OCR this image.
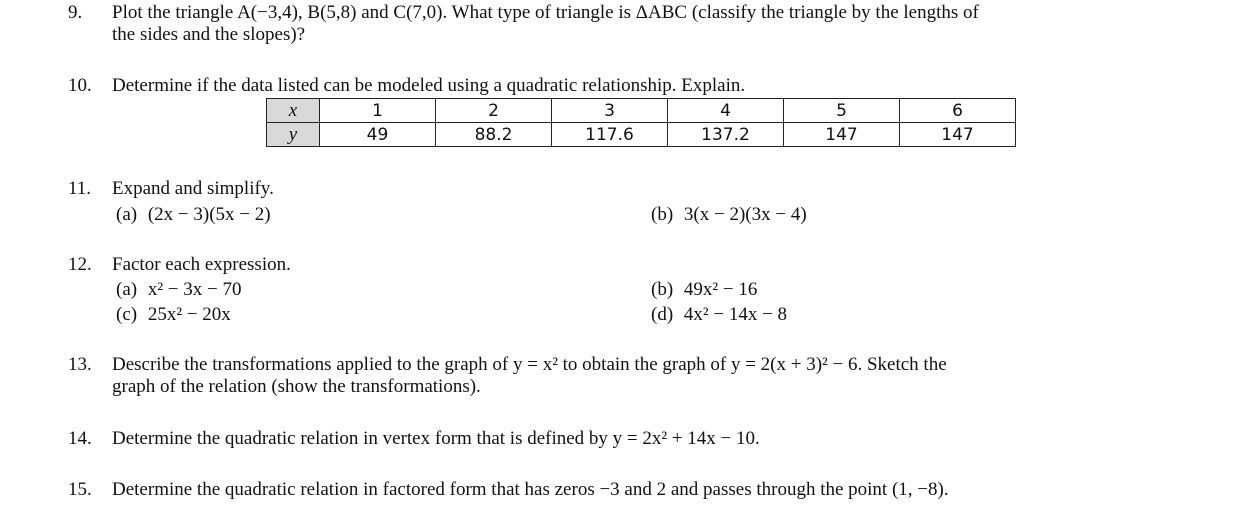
9.	Plot the triangle A(−3,4), B(5,8) and C(7,0). What type of triangle is ΔABC (classify the triangle by the lengths of
the sides and the slopes)?
10.	Determine if the data listed can be modeled using a quadratic relationship. Explain.
x	1	2	3	4	5	6
y	49	88.2	117.6	137.2	147	147
11.	Expand and simplify.
(a) (2x − 3)(5x − 2)	(b) 3(x − 2)(3x − 4)
12.	Factor each expression.
(a) x² − 3x − 70	(b) 49x² − 16
(c) 25x² − 20x	(d) 4x² − 14x − 8
13.	Describe the transformations applied to the graph of y = x² to obtain the graph of y = 2(x + 3)² − 6. Sketch the
graph of the relation (show the transformations).
14.	Determine the quadratic relation in vertex form that is defined by y = 2x² + 14x − 10.
15.	Determine the quadratic relation in factored form that has zeros −3 and 2 and passes through the point (1, −8).
